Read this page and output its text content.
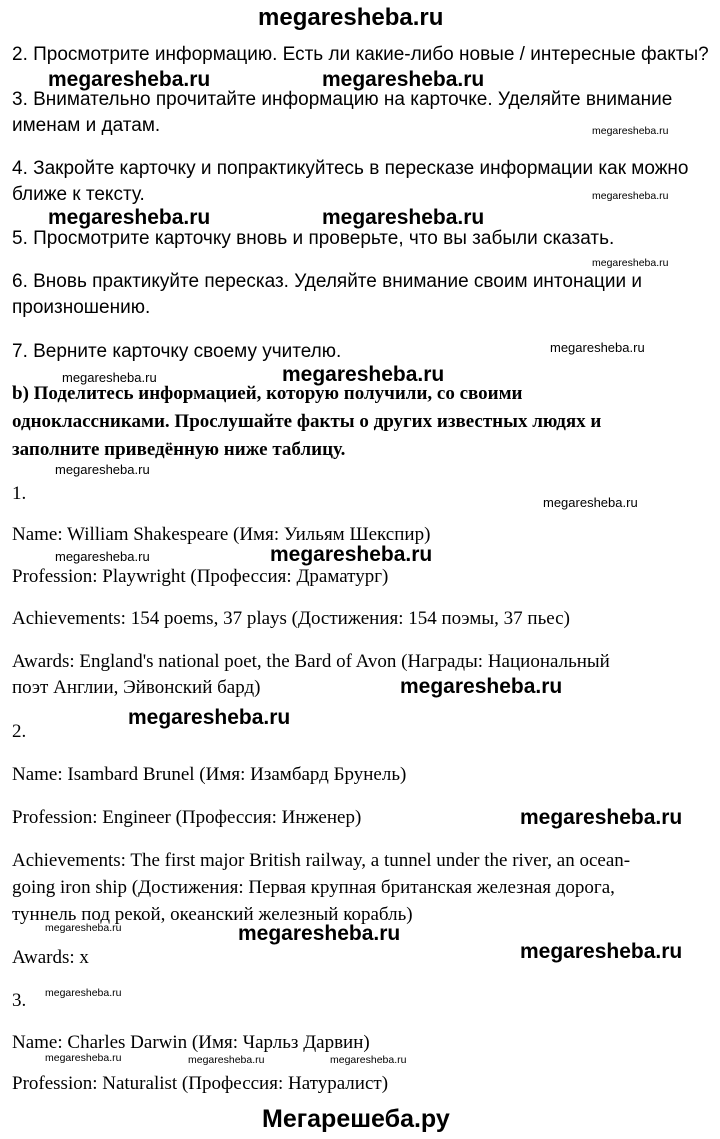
megaresheba.ru
2. Просмотрите информацию. Есть ли какие-либо новые / интересные факты?
megaresheba.ru	megaresheba.ru
3. Внимательно прочитайте информацию на карточке. Уделяйте внимание
именам и датам.	megaresheba.ru
4. Закройте карточку и попрактикуйтесь в пересказе информации как можно
ближе к тексту.	megaresheba.ru
megaresheba.ru	megaresheba.ru
5. Просмотрите карточку вновь и проверьте, что вы забыли сказать.
megaresheba.ru
6. Вновь практикуйте пересказ. Уделяйте внимание своим интонации и
произношению.
megaresheba.ru
7. Верните карточку своему учителю.
megaresheba.ru	megaresheba.ru
b) Поделитесь информацией, которую получили, со своими
одноклассниками. Прослушайте факты о других известных людях и
заполните приведённую ниже таблицу.
megaresheba.ru
1.	megaresheba.ru
Name: William Shakespeare (Имя: Уильям Шекспир)
megaresheba.ru	megaresheba.ru
Profession: Playwright (Профессия: Драматург)
Achievements: 154 poems, 37 plays (Достижения: 154 поэмы, 37 пьес)
Awards: England's national poet, the Bard of Avon (Награды: Национальный
поэт Англии, Эйвонский бард)	megaresheba.ru
megaresheba.ru
2.
Name: Isambard Brunel (Имя: Изамбард Брунель)
Profession: Engineer (Профессия: Инженер)	megaresheba.ru
Achievements: The first major British railway, a tunnel under the river, an ocean-
going iron ship (Достижения: Первая крупная британская железная дорога,
туннель под рекой, океанский железный корабль)
megaresheba.ru	megaresheba.ru
Awards: x	megaresheba.ru
3. megaresheba.ru
Name: Charles Darwin (Имя: Чарльз Дарвин)
megaresheba.ru	megaresheba.ru	megaresheba.ru
Profession: Naturalist (Профессия: Натуралист)
Мегарешеба.ру
